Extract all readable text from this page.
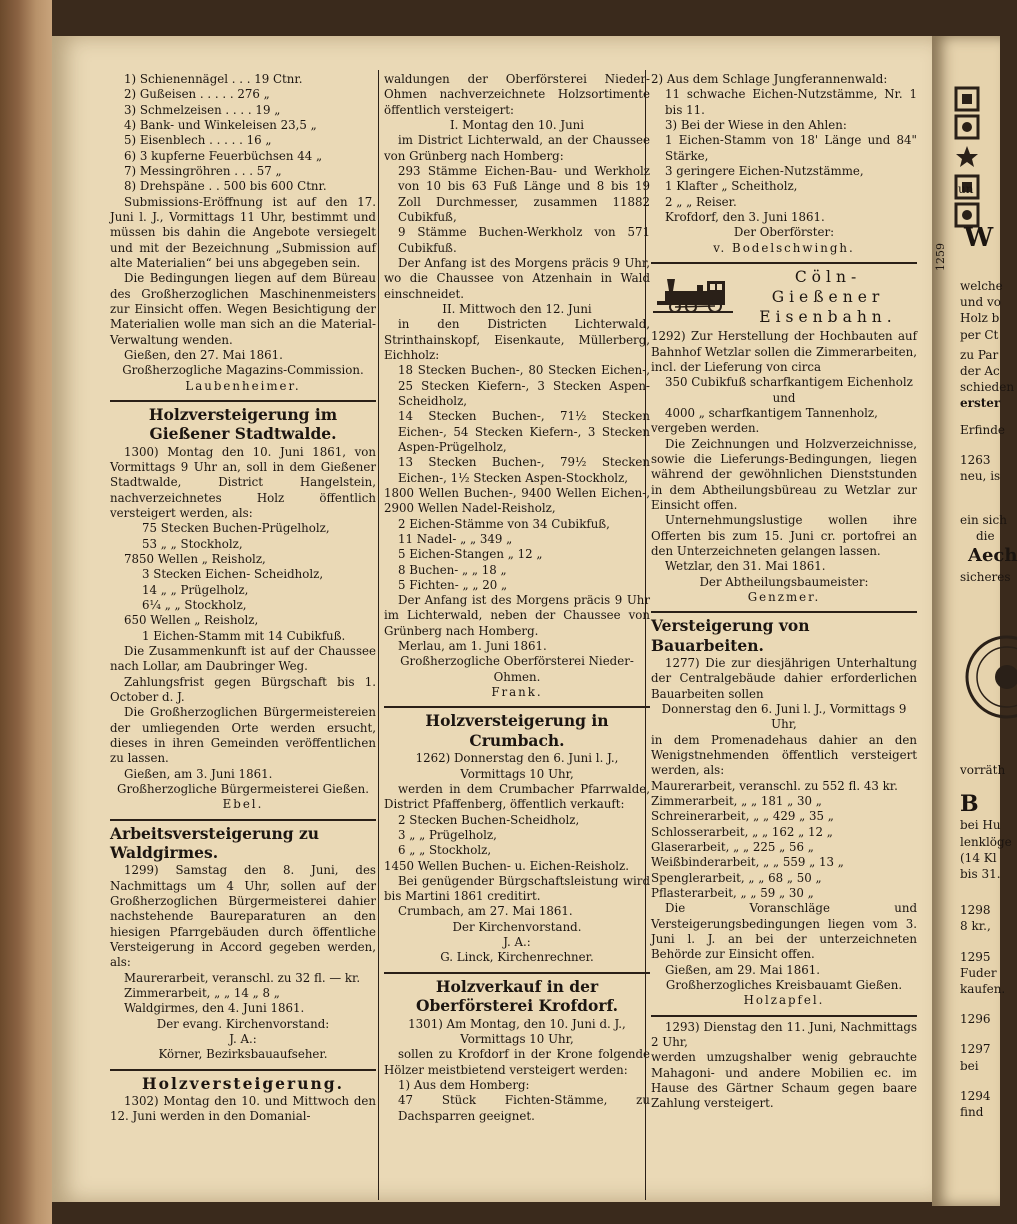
1) Schienennägel . . . 19 Ctnr.

2) Gußeisen . . . . . 276 „

3) Schmelzeisen . . . . 19 „

4) Bank- und Winkeleisen 23,5 „

5) Eisenblech . . . . . 16 „

6) 3 kupferne Feuerbüchsen 44 „

7) Messingröhren . . . 57 „

8) Drehspäne . . 500 bis 600 Ctnr.

Submissions-Eröffnung ist auf den 17. Juni l. J., Vormittags 11 Uhr, bestimmt und müssen bis dahin die Angebote versiegelt und mit der Bezeichnung „Submission auf alte Materialien“ bei uns abgegeben sein.

Die Bedingungen liegen auf dem Büreau des Großherzoglichen Maschinenmeisters zur Einsicht offen. Wegen Besichtigung der Materialien wolle man sich an die Material-Verwaltung wenden.

Gießen, den 27. Mai 1861.

Großherzogliche Magazins-Commission.

Laubenheimer.

Holzversteigerung im Gießener Stadtwalde.

1300) Montag den 10. Juni 1861, von Vormittags 9 Uhr an, soll in dem Gießener Stadtwalde, District Hangelstein, nachverzeichnetes Holz öffentlich versteigert werden, als:

75 Stecken Buchen-Prügelholz,

53 „ „ Stockholz,

7850 Wellen „ Reisholz,

3 Stecken Eichen- Scheidholz,

14 „ „ Prügelholz,

6¼ „ „ Stockholz,

650 Wellen „ Reisholz,

1 Eichen-Stamm mit 14 Cubikfuß.

Die Zusammenkunft ist auf der Chaussee nach Lollar, am Daubringer Weg.

Zahlungsfrist gegen Bürgschaft bis 1. October d. J.

Die Großherzoglichen Bürgermeistereien der umliegenden Orte werden ersucht, dieses in ihren Gemeinden veröffentlichen zu lassen.

Gießen, am 3. Juni 1861.

Großherzogliche Bürgermeisterei Gießen.

Ebel.

Arbeitsversteigerung zu Waldgirmes.

1299) Samstag den 8. Juni, des Nachmittags um 4 Uhr, sollen auf der Großherzoglichen Bürgermeisterei dahier nachstehende Baureparaturen an den hiesigen Pfarrgebäuden durch öffentliche Versteigerung in Accord gegeben werden, als:

Maurerarbeit, veranschl. zu 32 fl. — kr.

Zimmerarbeit, „ „ 14 „ 8 „

Waldgirmes, den 4. Juni 1861.

Der evang. Kirchenvorstand:

J. A.:

Körner, Bezirksbauaufseher.

Holzversteigerung.

1302) Montag den 10. und Mittwoch den 12. Juni werden in den Domanial-

waldungen der Oberförsterei Nieder-Ohmen nachverzeichnete Holzsortimente öffentlich versteigert:

I. Montag den 10. Juni

im District Lichterwald, an der Chaussee von Grünberg nach Homberg:

293 Stämme Eichen-Bau- und Werkholz von 10 bis 63 Fuß Länge und 8 bis 19 Zoll Durchmesser, zusammen 11882 Cubikfuß,

9 Stämme Buchen-Werkholz von 571 Cubikfuß.

Der Anfang ist des Morgens präcis 9 Uhr, wo die Chaussee von Atzenhain in Wald einschneidet.

II. Mittwoch den 12. Juni

in den Districten Lichterwald, Strinthainskopf, Eisenkaute, Müllerberg, Eichholz:

18 Stecken Buchen-, 80 Stecken Eichen-, 25 Stecken Kiefern-, 3 Stecken Aspen-Scheidholz,

14 Stecken Buchen-, 71½ Stecken Eichen-, 54 Stecken Kiefern-, 3 Stecken Aspen-Prügelholz,

13 Stecken Buchen-, 79½ Stecken Eichen-, 1½ Stecken Aspen-Stockholz,

1800 Wellen Buchen-, 9400 Wellen Eichen-, 2900 Wellen Nadel-Reisholz,

2 Eichen-Stämme von 34 Cubikfuß,

11 Nadel- „ „ 349 „

5 Eichen-Stangen „ 12 „

8 Buchen- „ „ 18 „

5 Fichten- „ „ 20 „

Der Anfang ist des Morgens präcis 9 Uhr im Lichterwald, neben der Chaussee von Grünberg nach Homberg.

Merlau, am 1. Juni 1861.

Großherzogliche Oberförsterei Nieder-Ohmen.

Frank.

Holzversteigerung in Crumbach.

1262) Donnerstag den 6. Juni l. J., Vormittags 10 Uhr,

werden in dem Crumbacher Pfarrwalde, District Pfaffenberg, öffentlich verkauft:

2 Stecken Buchen-Scheidholz,

3 „ „ Prügelholz,

6 „ „ Stockholz,

1450 Wellen Buchen- u. Eichen-Reisholz.

Bei genügender Bürgschaftsleistung wird bis Martini 1861 creditirt.

Crumbach, am 27. Mai 1861.

Der Kirchenvorstand.

J. A.:

G. Linck, Kirchenrechner.

Holzverkauf in der Oberförsterei Krofdorf.

1301) Am Montag, den 10. Juni d. J., Vormittags 10 Uhr,

sollen zu Krofdorf in der Krone folgende Hölzer meistbietend versteigert werden:

1) Aus dem Homberg:

47 Stück Fichten-Stämme, zu Dachsparren geeignet.

2) Aus dem Schlage Jungferannenwald:

11 schwache Eichen-Nutzstämme, Nr. 1 bis 11.

3) Bei der Wiese in den Ahlen:

1 Eichen-Stamm von 18' Länge und 84" Stärke,

3 geringere Eichen-Nutzstämme,

1 Klafter „ Scheitholz,

2 „ „ Reiser.

Krofdorf, den 3. Juni 1861.

Der Oberförster:

v. Bodelschwingh.

Cöln-Gießener
Eisenbahn.

1292) Zur Herstellung der Hochbauten auf Bahnhof Wetzlar sollen die Zimmerarbeiten, incl. der Lieferung von circa

350 Cubikfuß scharfkantigem Eichenholz

und

4000 „ scharfkantigem Tannenholz,

vergeben werden.

Die Zeichnungen und Holzverzeichnisse, sowie die Lieferungs-Bedingungen, liegen während der gewöhnlichen Dienststunden in dem Abtheilungsbüreau zu Wetzlar zur Einsicht offen.

Unternehmungslustige wollen ihre Offerten bis zum 15. Juni cr. portofrei an den Unterzeichneten gelangen lassen.

Wetzlar, den 31. Mai 1861.

Der Abtheilungsbaumeister:

Genzmer.

Versteigerung von Bauarbeiten.

1277) Die zur diesjährigen Unterhaltung der Centralgebäude dahier erforderlichen Bauarbeiten sollen

Donnerstag den 6. Juni l. J., Vormittags 9 Uhr,

in dem Promenadehaus dahier an den Wenigstnehmenden öffentlich versteigert werden, als:

Maurerarbeit, veranschl. zu 552 fl. 43 kr.

Zimmerarbeit, „ „ 181 „ 30 „

Schreinerarbeit, „ „ 429 „ 35 „

Schlosserarbeit, „ „ 162 „ 12 „

Glaserarbeit, „ „ 225 „ 56 „

Weißbinderarbeit, „ „ 559 „ 13 „

Spenglerarbeit, „ „ 68 „ 50 „

Pflasterarbeit, „ „ 59 „ 30 „

Die Voranschläge und Versteigerungsbedingungen liegen vom 3. Juni l. J. an bei der unterzeichneten Behörde zur Einsicht offen.

Gießen, am 29. Mai 1861.

Großherzogliches Kreisbauamt Gießen.

Holzapfel.

1293) Dienstag den 11. Juni, Nachmittags 2 Uhr,

werden umzugshalber wenig gebrauchte Mahagoni- und andere Mobilien ec. im Hause des Gärtner Schaum gegen baare Zahlung versteigert.

un
1259
W
welche
und vo
Holz b
per Ct
zu Par
der Ac
schieden
erster
Erfinde
1263
neu, is
ein sich
die
Aech
sicheres
vorräth
B
bei Hu
lenklöge
(14 Kl
bis 31.
1298
8 kr.,
1295
Fuder
kaufen.
1296
1297
bei
1294
find
